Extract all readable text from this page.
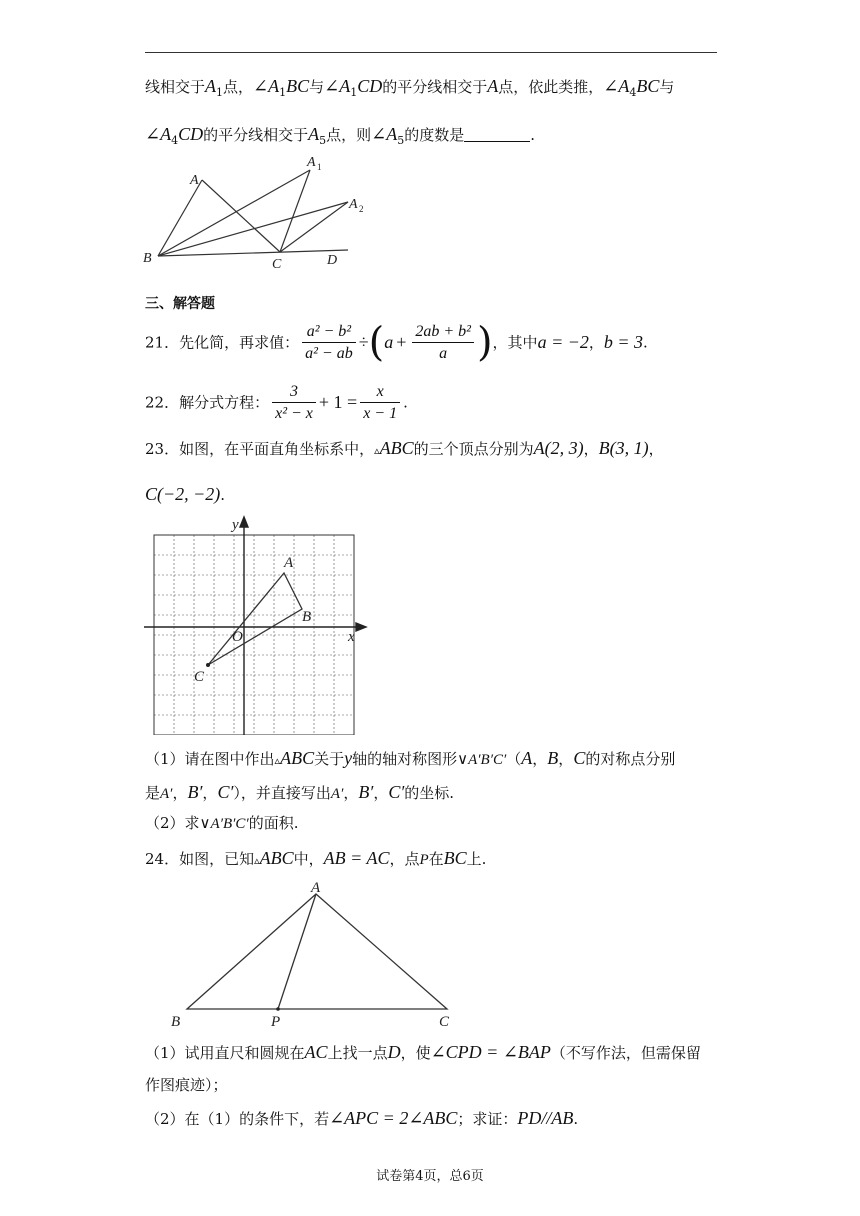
线相交于$A_1$点，$\angle A_1BC$与$\angle A_1CD$的平分线相交于A点，依此类推，$\angle A_4BC$与
$\angle A_4CD$的平分线相交于$A_5$点，则$\angle A_5$的度数是	.
A
A 1
A 2
B	C	D
三、解答题
21．先化简，再求值： $\frac{\text{a² − b²}}{\text{a² − ab}} \div(a + \frac{\text{2ab + b²}}{a}$ )，其中a = −2，b = 3.
22．解分式方程： $\frac{3}{\text{x² − x}} + 1 = \frac{x}{x - 1}$ .
23．如图，在平面直角坐标系中，▵ABC的三个顶点分别为A(2, 3)，B(3, 1)，
C(−2, −2).
y
x
O
A
B
C
（1）请在图中作出▵ABC关于y轴的轴对称图形∨A′B′C′（A，B，C的对称点分别
是A′，B′，C′），并直接写出A′，B′，C′的坐标.
（2）求∨A′B′C′的面积.
24．如图，已知▵ABC中，AB = AC，点P在BC上.
A
B	P	C
（1）试用直尺和圆规在AC上找一点D，使∠CPD = ∠BAP（不写作法，但需保留
作图痕迹）；
（2）在（1）的条件下，若∠APC = 2∠ABC；求证：PD//AB.
试卷第4页，总6页
